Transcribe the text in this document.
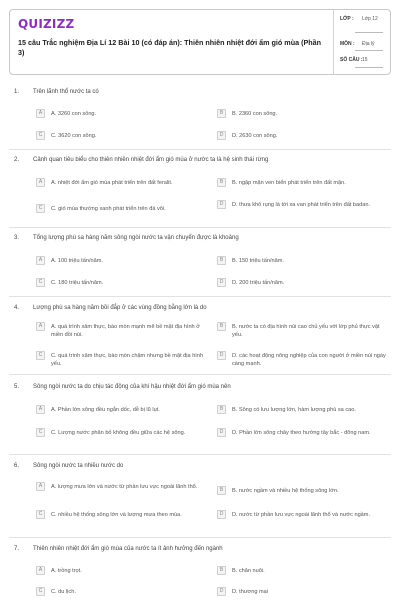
QUIZIZZ
15 câu Trắc nghiệm Địa Lí 12 Bài 10 (có đáp án): Thiên nhiên nhiệt đới ẩm gió mùa (Phần 3)
LỚP : Lớp 12
MÔN : Địa lý
SỐ CÂU : 15
1. Trên lãnh thổ nước ta có
A	A. 3260 con sông.	B	B. 2360 con sông.
C	C. 3620 con sông.	D	D. 2630 con sông.
2. Cảnh quan tiêu biểu cho thiên nhiên nhiệt đới ẩm gió mùa ở nước ta là hệ sinh thái rừng
A	A. nhiệt đới ẩm gió mùa phát triển trên đất feralit.	B	B. ngập mặn ven biển phát triển trên đất mặn.
C	C. gió mùa thường xanh phát triển trên đá vôi.
D	D. thưa khô rụng lá tới xa van phát triển trên đất badan.
3. Tổng lượng phù sa hàng năm sông ngòi nước ta vận chuyển được là khoảng
A	A. 100 triệu tấn/năm.	B	B. 150 triệu tấn/năm.
C	C. 180 triệu tấn/năm.	D	D. 200 triệu tấn/năm.
4. Lượng phù sa hàng năm bồi đắp ở các vùng đồng bằng lớn là do
A	A. quá trình xâm thực, bào mòn mạnh mẽ bề mặt địa hình ở miền đồi núi.
B	B. nước ta có địa hình núi cao chủ yếu với lớp phủ thực vật yếu.
C	C. quá trình xâm thực, bào mòn chậm nhưng bề mặt địa hình yếu.
D	D. các hoạt động nông nghiệp của con người ở miền núi ngày càng mạnh.
5. Sông ngòi nước ta do chịu tác động của khí hậu nhiệt đới ẩm gió mùa nên
A	A. Phần lớn sông đều ngắn dốc, dễ bị lũ lụt.	B	B. Sông có lưu lượng lớn, hàm lượng phù sa cao.
C	C. Lượng nước phân bố không đều giữa các hệ sông.	D	D. Phần lớn sông chảy theo hướng tây bắc - đông nam.
6. Sông ngòi nước ta nhiều nước do
A	A. lượng mưa lớn và nước từ phần lưu vực ngoài lãnh thổ.	B	B. nước ngầm và nhiều hệ thống sông lớn.
C	C. nhiều hệ thống sông lớn và lượng mưa theo mùa.	D	D. nước từ phần lưu vực ngoài lãnh thổ và nước ngầm.
7. Thiên nhiên nhiệt đới ẩm gió mùa của nước ta ít ảnh hưởng đến ngành
A	A. trồng trọt.	B	B. chăn nuôi.
C	C. du lịch.	D	D. thương mại
